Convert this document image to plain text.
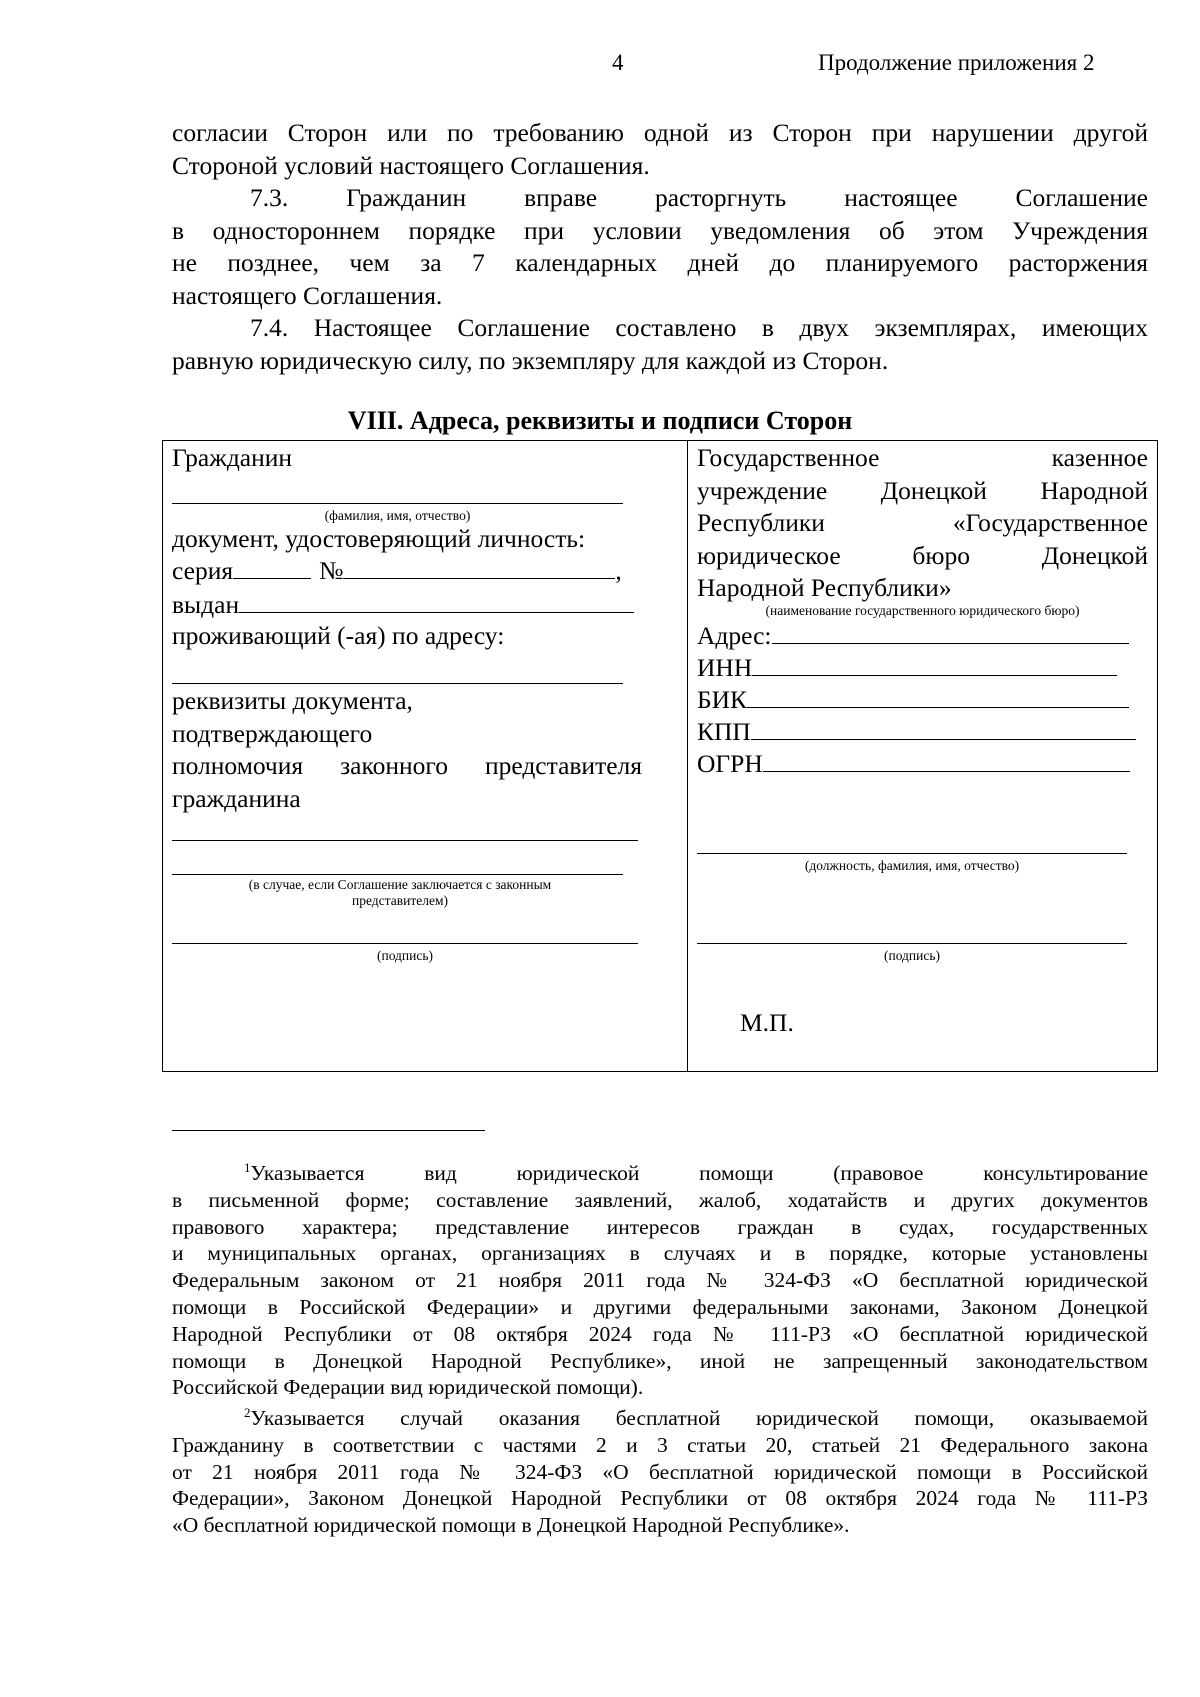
4	Продолжение приложения 2
согласии Сторон или по требованию одной из Сторон при нарушении другой
Стороной условий настоящего Соглашения.
7.3. Гражданин вправе расторгнуть настоящее Соглашение
в одностороннем порядке при условии уведомления об этом Учреждения
не позднее, чем за 7 календарных дней до планируемого расторжения
настоящего Соглашения.
7.4. Настоящее Соглашение составлено в двух экземплярах, имеющих
равную юридическую силу, по экземпляру для каждой из Сторон.
VIII. Адреса, реквизиты и подписи Сторон
Гражданин
(фамилия, имя, отчество)
документ, удостоверяющий личность:
серия	№	,
выдан
проживающий (-ая) по адресу:
реквизиты документа,
подтверждающего
полномочия законного представителя
гражданина
(в случае, если Соглашение заключается с законным представителем)
(подпись)
Государственное казенное
учреждение Донецкой Народной
Республики «Государственное
юридическое бюро Донецкой
Народной Республики»
(наименование государственного юридического бюро)
Адрес:
ИНН
БИК
КПП
ОГРН
(должность, фамилия, имя, отчество)
(подпись)
М.П.
$^1$Указывается вид юридической помощи (правовое консультирование
в письменной форме; составление заявлений, жалоб, ходатайств и других документов
правового характера; представление интересов граждан в судах, государственных
и муниципальных органах, организациях в случаях и в порядке, которые установлены
Федеральным законом от 21 ноября 2011 года № 324-ФЗ «О бесплатной юридической
помощи в Российской Федерации» и другими федеральными законами, Законом Донецкой
Народной Республики от 08 октября 2024 года № 111-РЗ «О бесплатной юридической
помощи в Донецкой Народной Республике», иной не запрещенный законодательством
Российской Федерации вид юридической помощи).
$^2$Указывается случай оказания бесплатной юридической помощи, оказываемой
Гражданину в соответствии с частями 2 и 3 статьи 20, статьей 21 Федерального закона
от 21 ноября 2011 года № 324-ФЗ «О бесплатной юридической помощи в Российской
Федерации», Законом Донецкой Народной Республики от 08 октября 2024 года № 111-РЗ
«О бесплатной юридической помощи в Донецкой Народной Республике».
